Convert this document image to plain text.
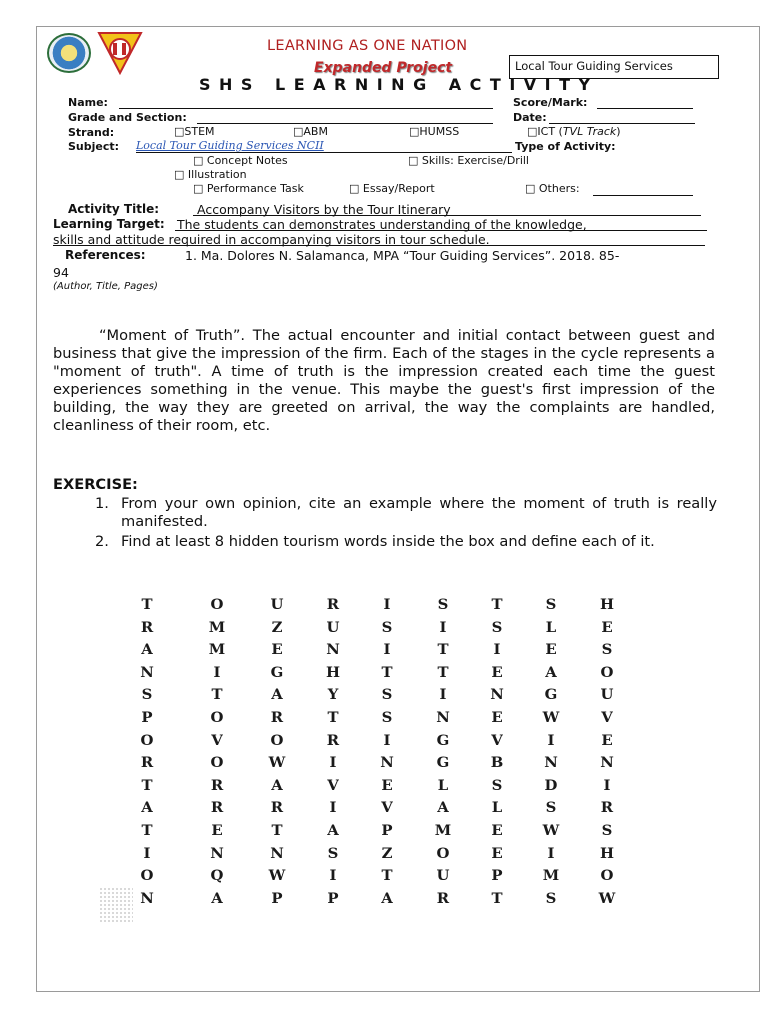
LEARNING AS ONE NATION
Expanded Project	Local Tour Guiding Services
SHS LEARNING ACTIVITY
Name:	Score/Mark:
Grade and Section:	Date:
Strand:	□STEM	□ABM	□HUMSS	□ICT (TVL Track)
Subject: Local Tour Guiding Services NCII	Type of Activity:
□ Concept Notes	□ Skills: Exercise/Drill
□ Illustration
□ Performance Task	□ Essay/Report	□ Others:
Activity Title:	Accompany Visitors by the Tour Itinerary
Learning Target: The students can demonstrates understanding of the knowledge,
skills and attitude required in accompanying visitors in tour schedule.
References:	1. Ma. Dolores N. Salamanca, MPA “Tour Guiding Services”. 2018. 85-
94
(Author, Title, Pages)

“Moment of Truth”. The actual encounter and initial contact between guest and business that give the impression of the firm. Each of the stages in the cycle represents a "moment of truth". A time of truth is the impression created each time the guest experiences something in the venue. This maybe the guest's first impression of the building, the way they are greeted on arrival, the way the complaints are handled, cleanliness of their room, etc.

EXERCISE:
1. From your own opinion, cite an example where the moment of truth is really manifested.
2. Find at least 8 hidden tourism words inside the box and define each of it.
T	O	U	R	I	S	T	S	H
R	M	Z	U	S	I	S	L	E
A	M	E	N	I	T	I	E	S
N	I	G	H	T	T	E	A	O
S	T	A	Y	S	I	N	G	U
P	O	R	T	S	N	E	W	V
O	V	O	R	I	G	V	I	E
R	O	W	I	N	G	B	N	N
T	R	A	V	E	L	S	D	I
A	R	R	I	V	A	L	S	R
T	E	T	A	P	M	E	W	S
I	N	N	S	Z	O	E	I	H
O	Q	W	I	T	U	P	M	O
N	A	P	P	A	R	T	S	W
